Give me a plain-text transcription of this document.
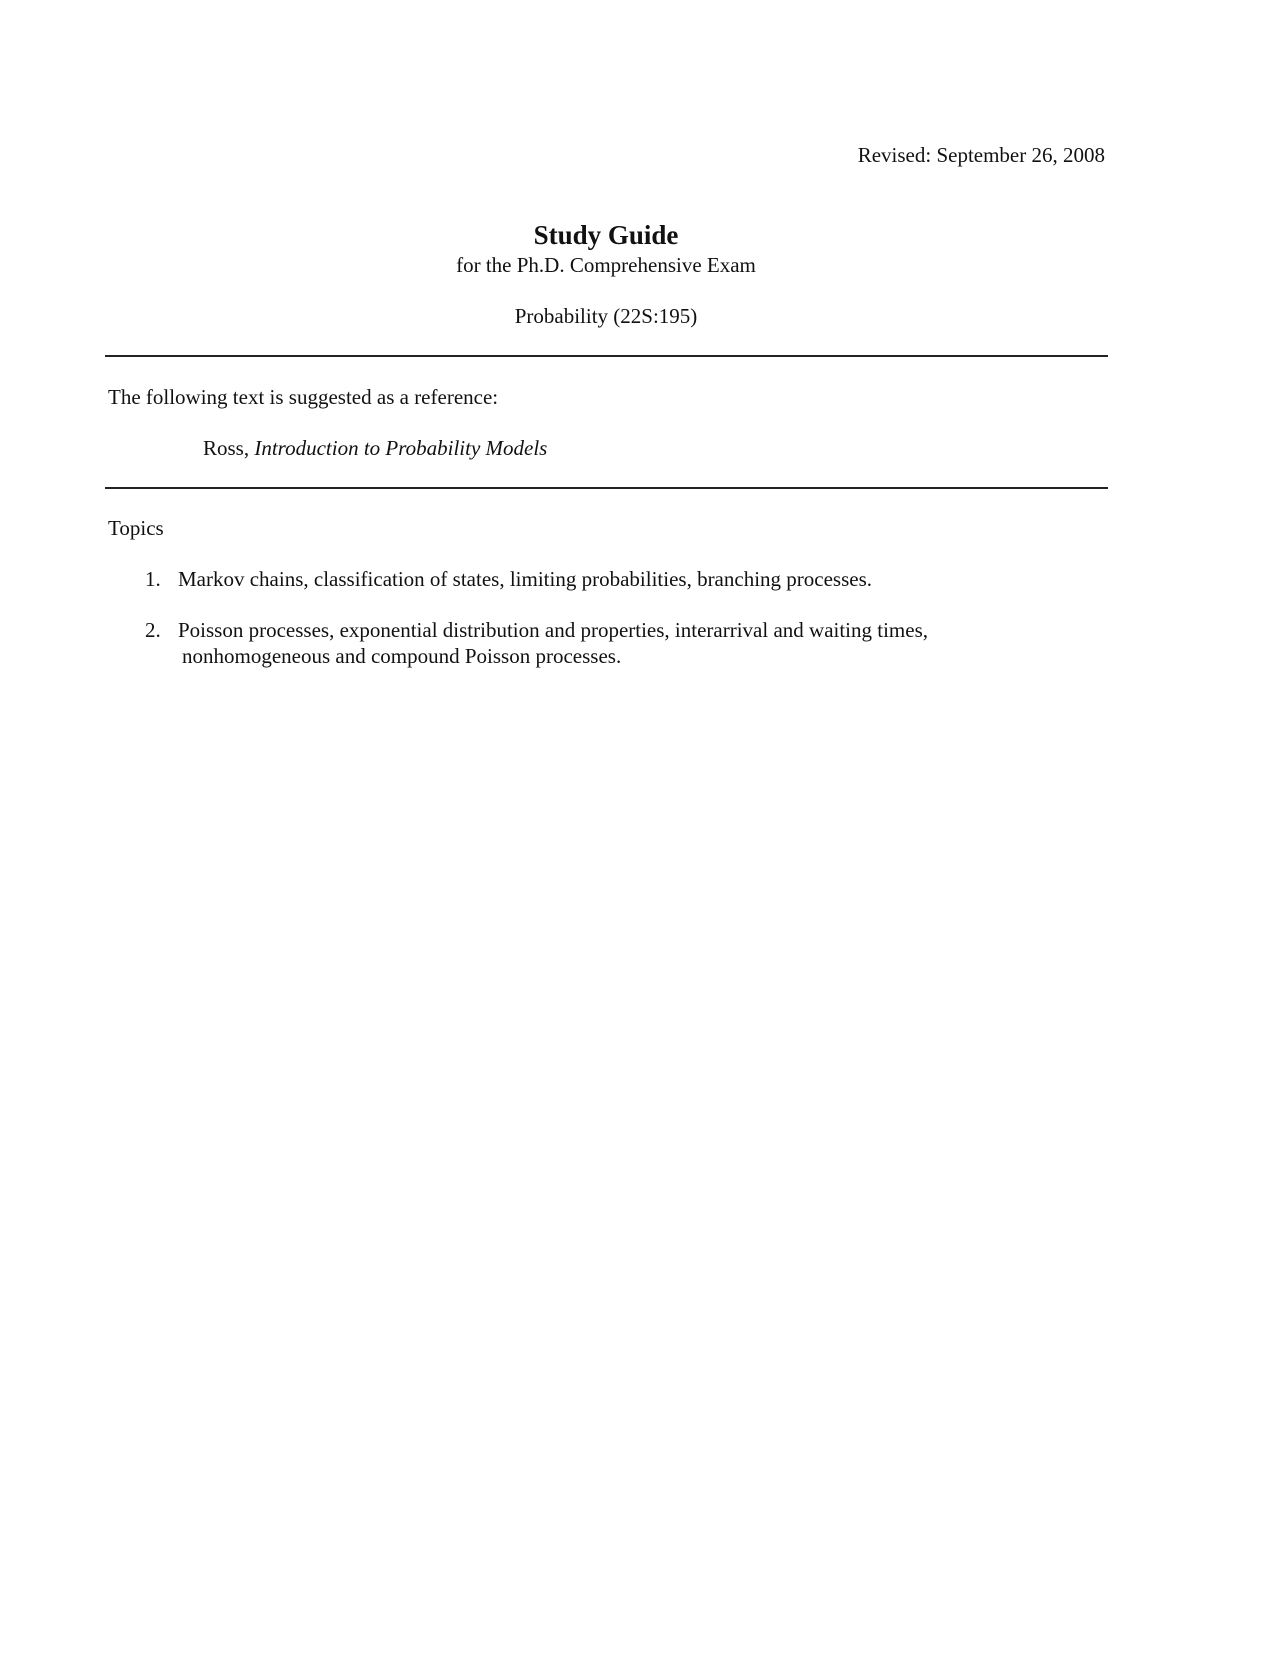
Revised: September 26, 2008
Study Guide
for the Ph.D. Comprehensive Exam
Probability (22S:195)
The following text is suggested as a reference:
Ross, Introduction to Probability Models
Topics
1. Markov chains, classification of states, limiting probabilities, branching processes.
2. Poisson processes, exponential distribution and properties, interarrival and waiting times,
nonhomogeneous and compound Poisson processes.
